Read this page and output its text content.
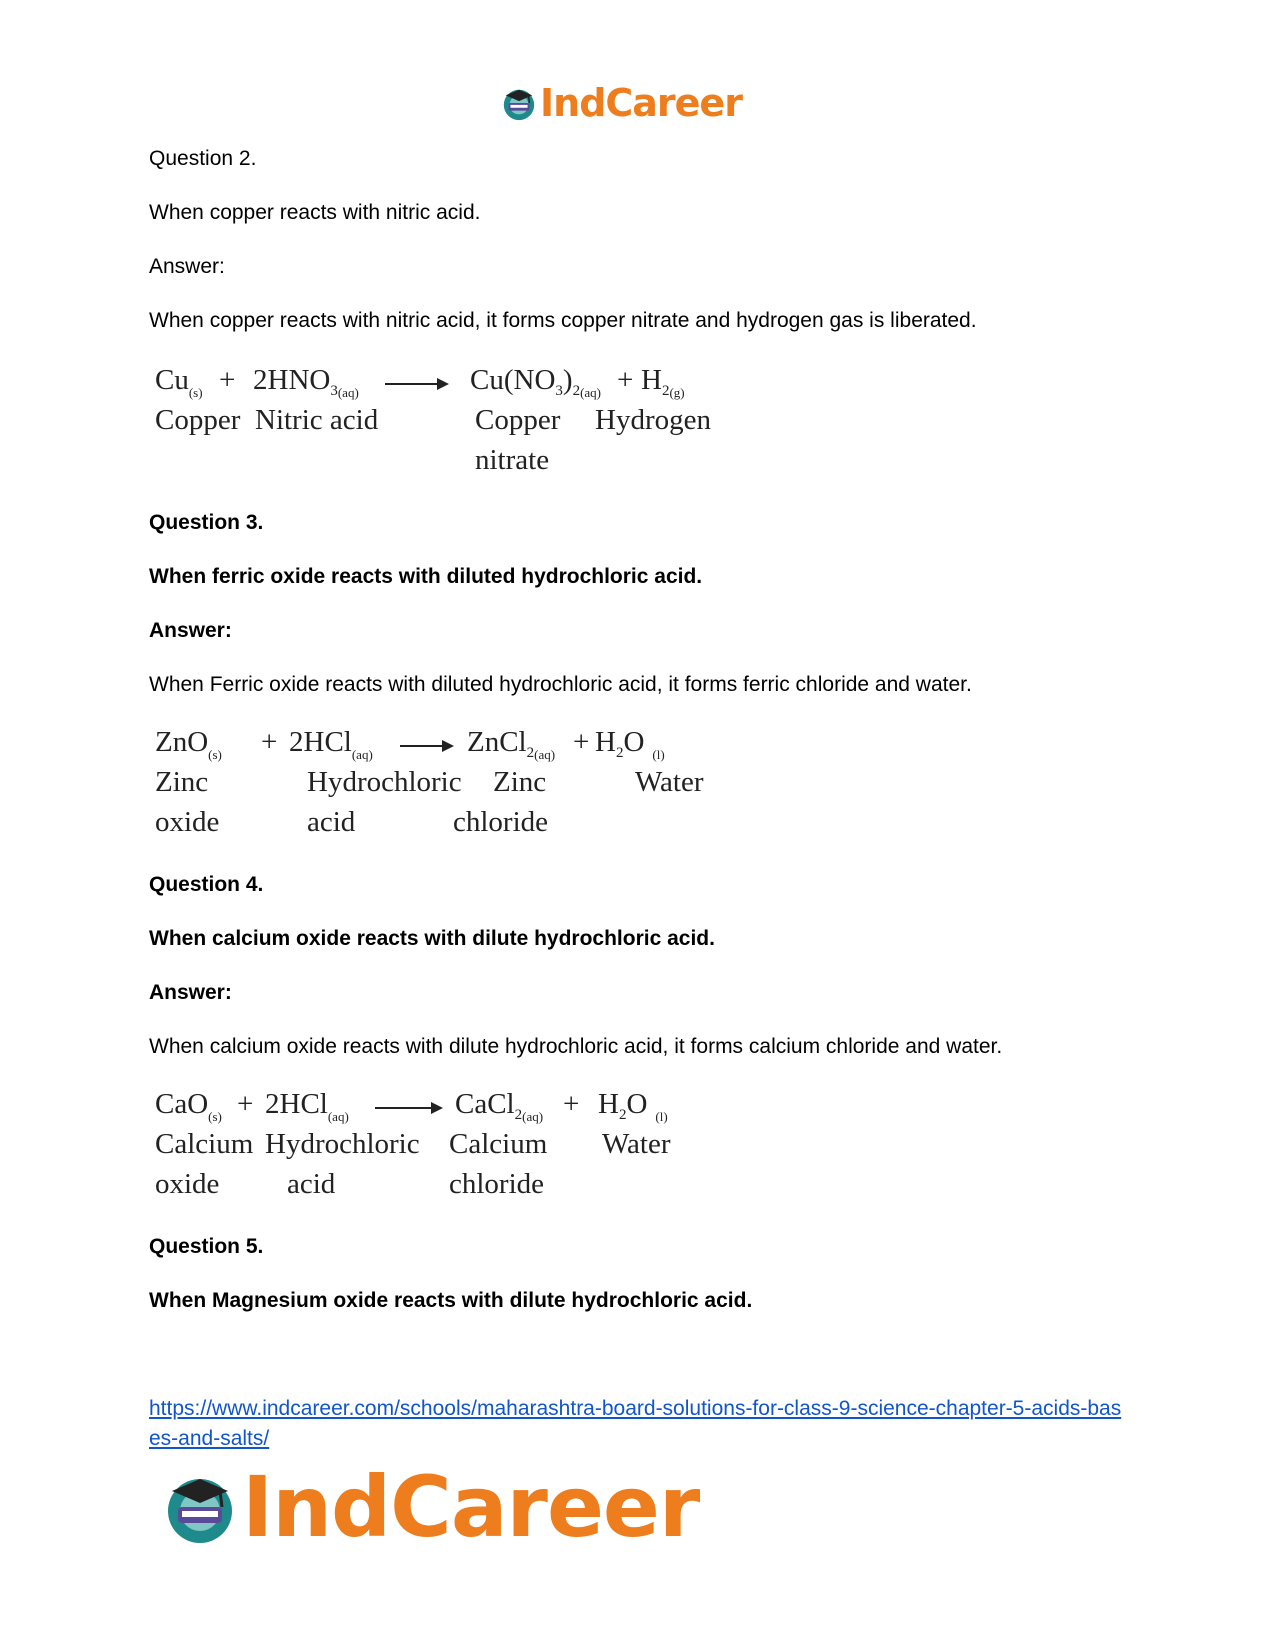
IndCareer
Question 2.
When copper reacts with nitric acid.
Answer:
When copper reacts with nitric acid, it forms copper nitrate and hydrogen gas is liberated.
$Cu_{(s)} + 2HNO_{3(aq)} \to Cu(NO_3)_{2(aq)} + H_{2(g)}$
Copper Nitric acid	Copper
nitrate
Hydrogen
Question 3.
When ferric oxide reacts with diluted hydrochloric acid.
Answer:
When Ferric oxide reacts with diluted hydrochloric acid, it forms ferric chloride and water.
ZnO$_{(s)}$ + 2HCl$_{(aq)}$ → ZnCl$_{2(aq)}$ + $H_2O$ $_{(l)}$
Zinc
oxide
Hydrochloric
acid
Zinc
chloride
Water
Question 4.
When calcium oxide reacts with dilute hydrochloric acid.
Answer:
When calcium oxide reacts with dilute hydrochloric acid, it forms calcium chloride and water.
CaO$_{(s)}$ + 2HCl$_{(aq)}$ → CaCl$_{2(aq)}$ + $H_2O$ $_{(l)}$
Calcium
oxide
Hydrochloric
acid
Calcium
chloride
Water
Question 5.
When Magnesium oxide reacts with dilute hydrochloric acid.
https://www.indcareer.com/schools/maharashtra-board-solutions-for-class-9-science-chapter-5-acids-bases-and-salts/
IndCareer
